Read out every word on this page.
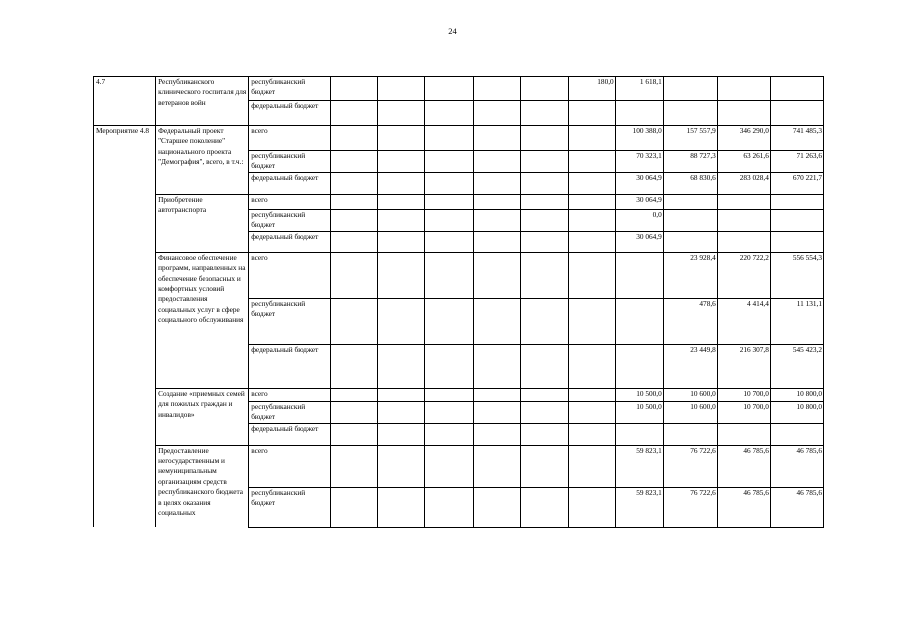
24
4.7	Республиканского клинического госпиталя для ветеранов войн	республиканский бюджет						180,0	1 618,1			
		федеральный бюджет										
Мероприятие 4.8	Федеральный проект "Старшее поколение" национального проекта "Демография", всего, в т.ч.:	всего							100 388,0	157 557,9	346 290,0	741 485,3
		республиканский бюджет							70 323,1	88 727,3	63 261,6	71 263,6
		федеральный бюджет							30 064,9	68 830,6	283 028,4	670 221,7
	Приобретение автотранспорта	всего							30 064,9			
		республиканский бюджет							0,0			
		федеральный бюджет							30 064,9			
	Финансовое обеспечение программ, направленных на обеспечение безопасных и комфортных условий предоставления социальных услуг в сфере социального обслуживания	всего								23 928,4	220 722,2	556 554,3
		республиканский бюджет								478,6	4 414,4	11 131,1
		федеральный бюджет								23 449,8	216 307,8	545 423,2
	Создание «приемных семей для пожилых граждан и инвалидов»	всего							10 500,0	10 600,0	10 700,0	10 800,0
		республиканский бюджет							10 500,0	10 600,0	10 700,0	10 800,0
		федеральный бюджет										
	Предоставление негосударственным и немуниципальным организациям средств республиканского бюджета в целях оказания социальных	всего							59 823,1	76 722,6	46 785,6	46 785,6
		республиканский бюджет							59 823,1	76 722,6	46 785,6	46 785,6
